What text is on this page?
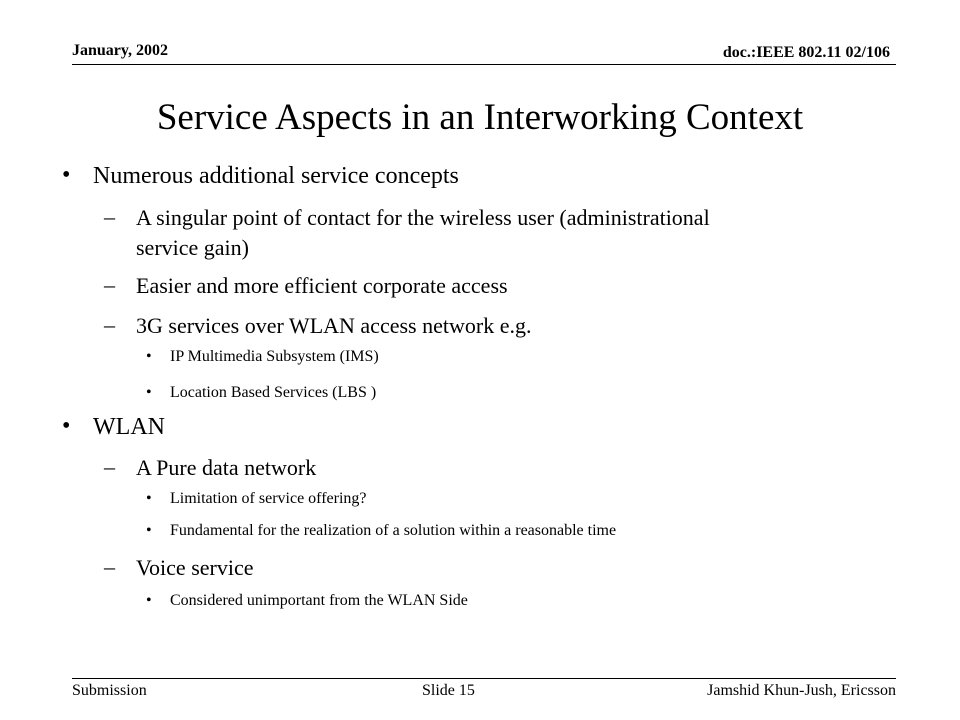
January, 2002	doc.:IEEE 802.11 02/106
Service Aspects in an Interworking Context
• Numerous additional service concepts
– A singular point of contact for the wireless user (administrational
service gain)
– Easier and more efficient corporate access
– 3G services over WLAN access network e.g.
• IP Multimedia Subsystem (IMS)
• Location Based Services (LBS )
• WLAN
– A Pure data network
• Limitation of service offering?
• Fundamental for the realization of a solution within a reasonable time
– Voice service
• Considered unimportant from the WLAN Side
Submission	Slide 15	Jamshid Khun-Jush, Ericsson
